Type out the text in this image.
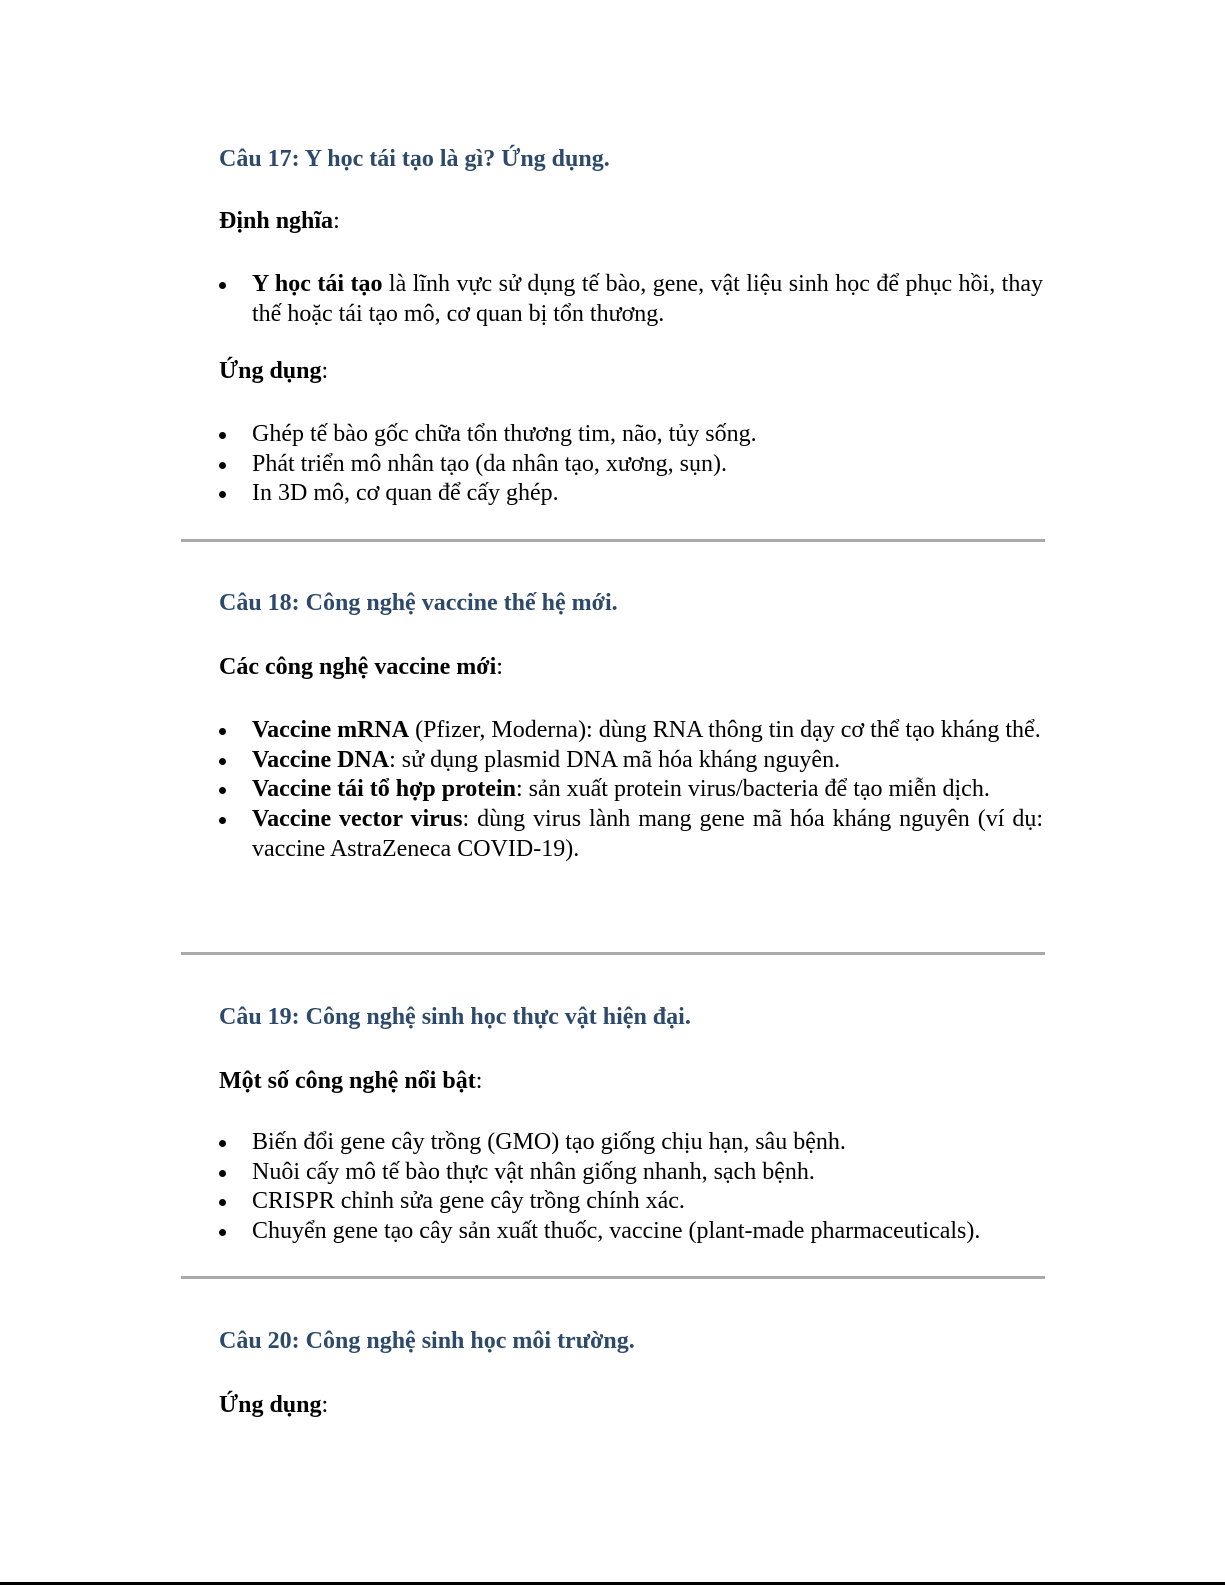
Câu 17: Y học tái tạo là gì? Ứng dụng.

Định nghĩa:

Y học tái tạo là lĩnh vực sử dụng tế bào, gene, vật liệu sinh học để phục hồi, thay thế hoặc tái tạo mô, cơ quan bị tổn thương.

Ứng dụng:

Ghép tế bào gốc chữa tổn thương tim, não, tủy sống.
Phát triển mô nhân tạo (da nhân tạo, xương, sụn).
In 3D mô, cơ quan để cấy ghép.
Câu 18: Công nghệ vaccine thế hệ mới.

Các công nghệ vaccine mới:

Vaccine mRNA (Pfizer, Moderna): dùng RNA thông tin dạy cơ thể tạo kháng thể.
Vaccine DNA: sử dụng plasmid DNA mã hóa kháng nguyên.
Vaccine tái tổ hợp protein: sản xuất protein virus/bacteria để tạo miễn dịch.
Vaccine vector virus: dùng virus lành mang gene mã hóa kháng nguyên (ví dụ: vaccine AstraZeneca COVID-19).
Câu 19: Công nghệ sinh học thực vật hiện đại.

Một số công nghệ nổi bật:

Biến đổi gene cây trồng (GMO) tạo giống chịu hạn, sâu bệnh.
Nuôi cấy mô tế bào thực vật nhân giống nhanh, sạch bệnh.
CRISPR chỉnh sửa gene cây trồng chính xác.
Chuyển gene tạo cây sản xuất thuốc, vaccine (plant-made pharmaceuticals).
Câu 20: Công nghệ sinh học môi trường.

Ứng dụng:
